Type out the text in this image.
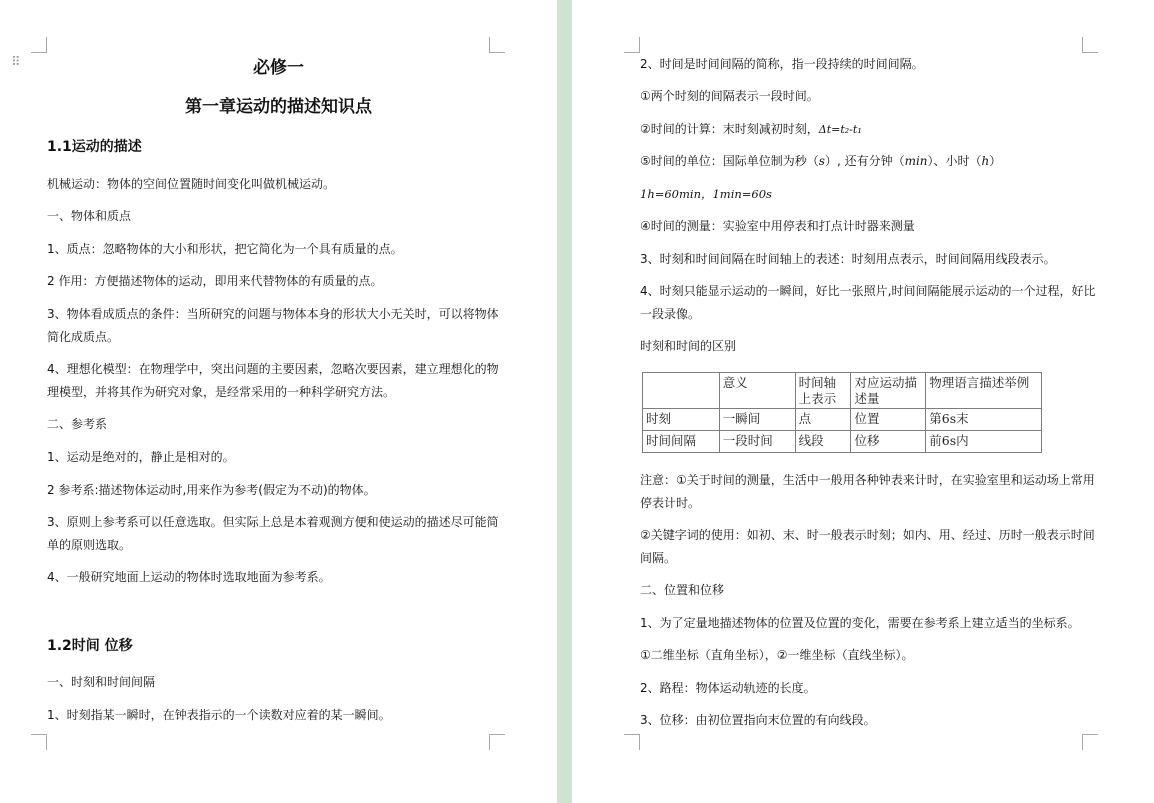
⠿	必修一
第一章运动的描述知识点
1.1运动的描述
机械运动：物体的空间位置随时间变化叫做机械运动。
一、物体和质点
1、质点：忽略物体的大小和形状，把它简化为一个具有质量的点。
2 作用：方便描述物体的运动，即用来代替物体的有质量的点。
3、物体看成质点的条件：当所研究的问题与物体本身的形状大小无关时，可以将物体
简化成质点。
4、理想化模型：在物理学中，突出问题的主要因素，忽略次要因素，建立理想化的物
理模型，并将其作为研究对象，是经常采用的一种科学研究方法。
二、参考系
1、运动是绝对的，静止是相对的。
2 参考系:描述物体运动时,用来作为参考(假定为不动)的物体。
3、原则上参考系可以任意选取。但实际上总是本着观测方便和使运动的描述尽可能简
单的原则选取。
4、一般研究地面上运动的物体时选取地面为参考系。
1.2时间 位移
一、时刻和时间间隔
1、时刻指某一瞬时，在钟表指示的一个读数对应着的某一瞬间。
2、时间是时间间隔的简称，指一段持续的时间间隔。
①两个时刻的间隔表示一段时间。
②时间的计算：末时刻减初时刻，Δt=t₂-t₁
⑤时间的单位：国际单位制为秒（s）, 还有分钟（min）、小时（h）
1h=60min，1min=60s
④时间的测量：实验室中用停表和打点计时器来测量
3、时刻和时间间隔在时间轴上的表述：时刻用点表示，时间间隔用线段表示。
4、时刻只能显示运动的一瞬间，好比一张照片,时间间隔能展示运动的一个过程，好比
一段录像。
时刻和时间的区别
	意义	时间轴上表示	对应运动描述量	物理语言描述举例
时刻	一瞬间	点	位置	第6s末
时间间隔	一段时间	线段	位移	前6s内
注意：①关于时间的测量，生活中一般用各种钟表来计时，在实验室里和运动场上常用
停表计时。
②关键字词的使用：如初、末、时一般表示时刻；如内、用、经过、历时一般表示时间
间隔。
二、位置和位移
1、为了定量地描述物体的位置及位置的变化，需要在参考系上建立适当的坐标系。
①二维坐标（直角坐标），②一维坐标（直线坐标）。
2、路程：物体运动轨迹的长度。
3、位移：由初位置指向末位置的有向线段。
